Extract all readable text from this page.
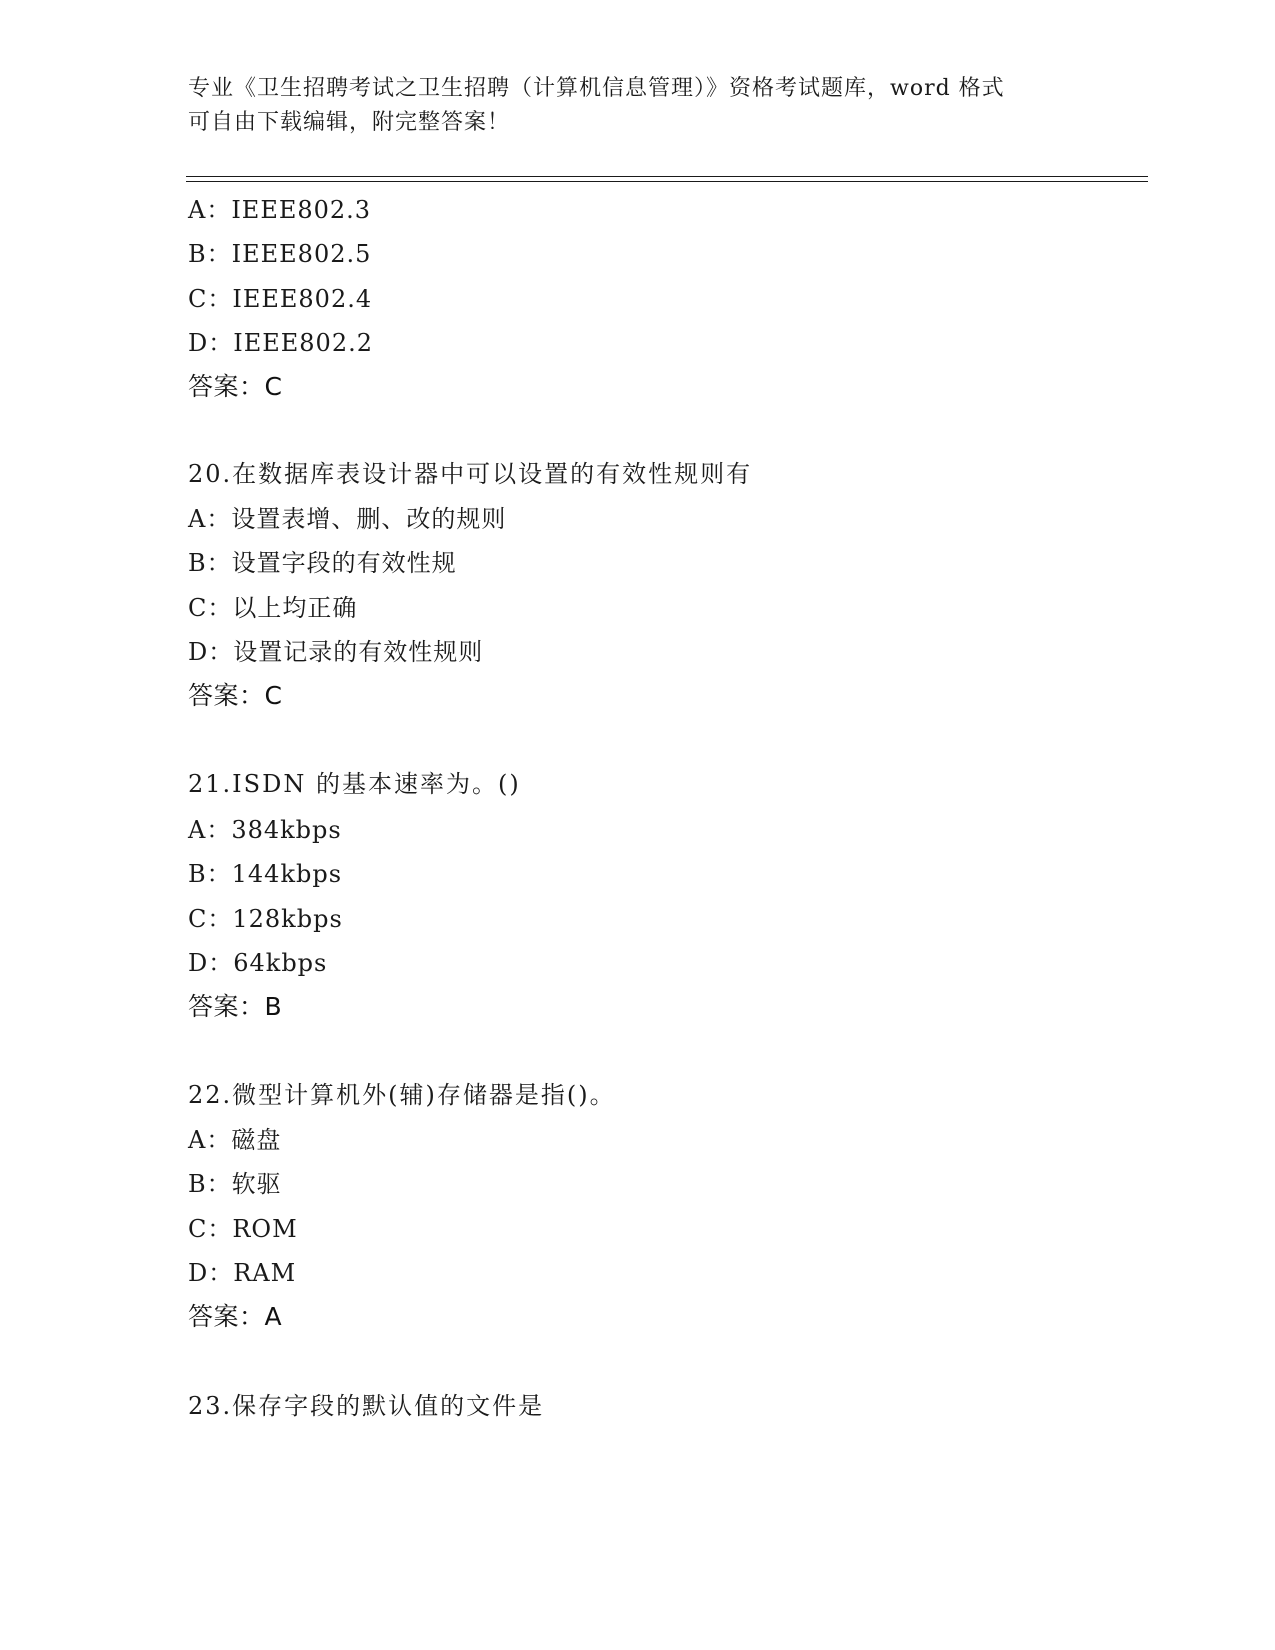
专业《卫生招聘考试之卫生招聘（计算机信息管理）》资格考试题库，word 格式
可自由下载编辑，附完整答案！
A：IEEE802.3
B：IEEE802.5
C：IEEE802.4
D：IEEE802.2
答案：C
20.在数据库表设计器中可以设置的有效性规则有
A：设置表增、删、改的规则
B：设置字段的有效性规
C：以上均正确
D：设置记录的有效性规则
答案：C
21.ISDN 的基本速率为。()
A：384kbps
B：144kbps
C：128kbps
D：64kbps
答案：B
22.微型计算机外(辅)存储器是指()。
A：磁盘
B：软驱
C：ROM
D：RAM
答案：A
23.保存字段的默认值的文件是
